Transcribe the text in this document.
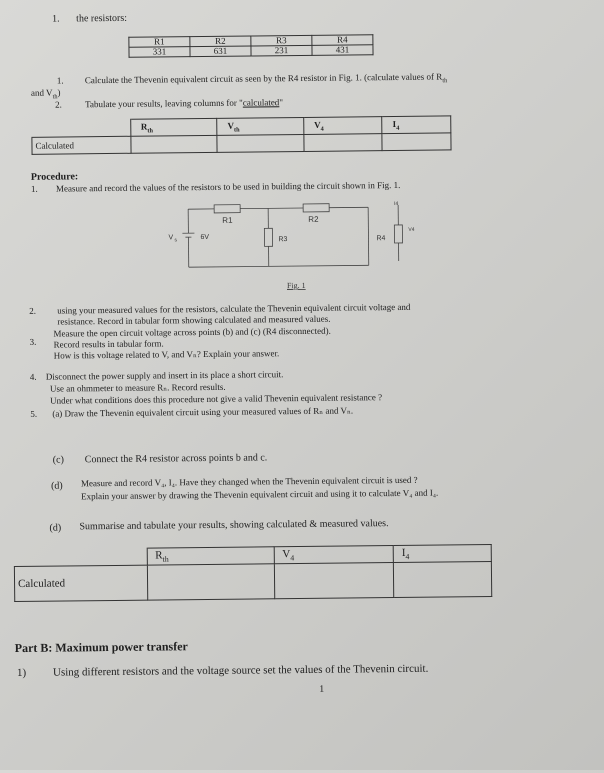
1. the resistors:
R1	R2	R3	R4
331	631	231	431
1. Calculate the Thevenin equivalent circuit as seen by the R4 resistor in Fig. 1. (calculate values of $R_{th}$
and $V_{th}$)
2.	Tabulate your results, leaving columns for "calculated"
	$R_{th}$	$V_{th}$	$V_4$	$I_4$
Calculated				
Procedure:
1. Measure and record the values of the resistors to be used in building the circuit shown in Fig. 1.
R1	R2
R3	R4
V s	6V
I4
V4
Fig. 1
2. using your measured values for the resistors, calculate the Thevenin equivalent circuit voltage and
resistance. Record in tabular form showing calculated and measured values.
3.
Measure the open circuit voltage across points (b) and (c) (R4 disconnected).
Record results in tabular form.
How is this voltage related to V, and Vₙ? Explain your answer.
4. Disconnect the power supply and insert in its place a short circuit.
Use an ohmmeter to measure Rₙ. Record results.
Under what conditions does this procedure not give a valid Thevenin equivalent resistance ?
5. (a) Draw the Thevenin equivalent circuit using your measured values of Rₙ and Vₙ.
(c) Connect the R4 resistor across points b and c.
(d) Measure and record V₄, I₄. Have they changed when the Thevenin equivalent circuit is used ?
Explain your answer by drawing the Thevenin equivalent circuit and using it to calculate V₄ and I₄.
(d) Summarise and tabulate your results, showing calculated & measured values.
	$R_{th}$	$V_4$	$I_4$
Calculated			
Part B: Maximum power transfer
1) Using different resistors and the voltage source set the values of the Thevenin circuit.
1
